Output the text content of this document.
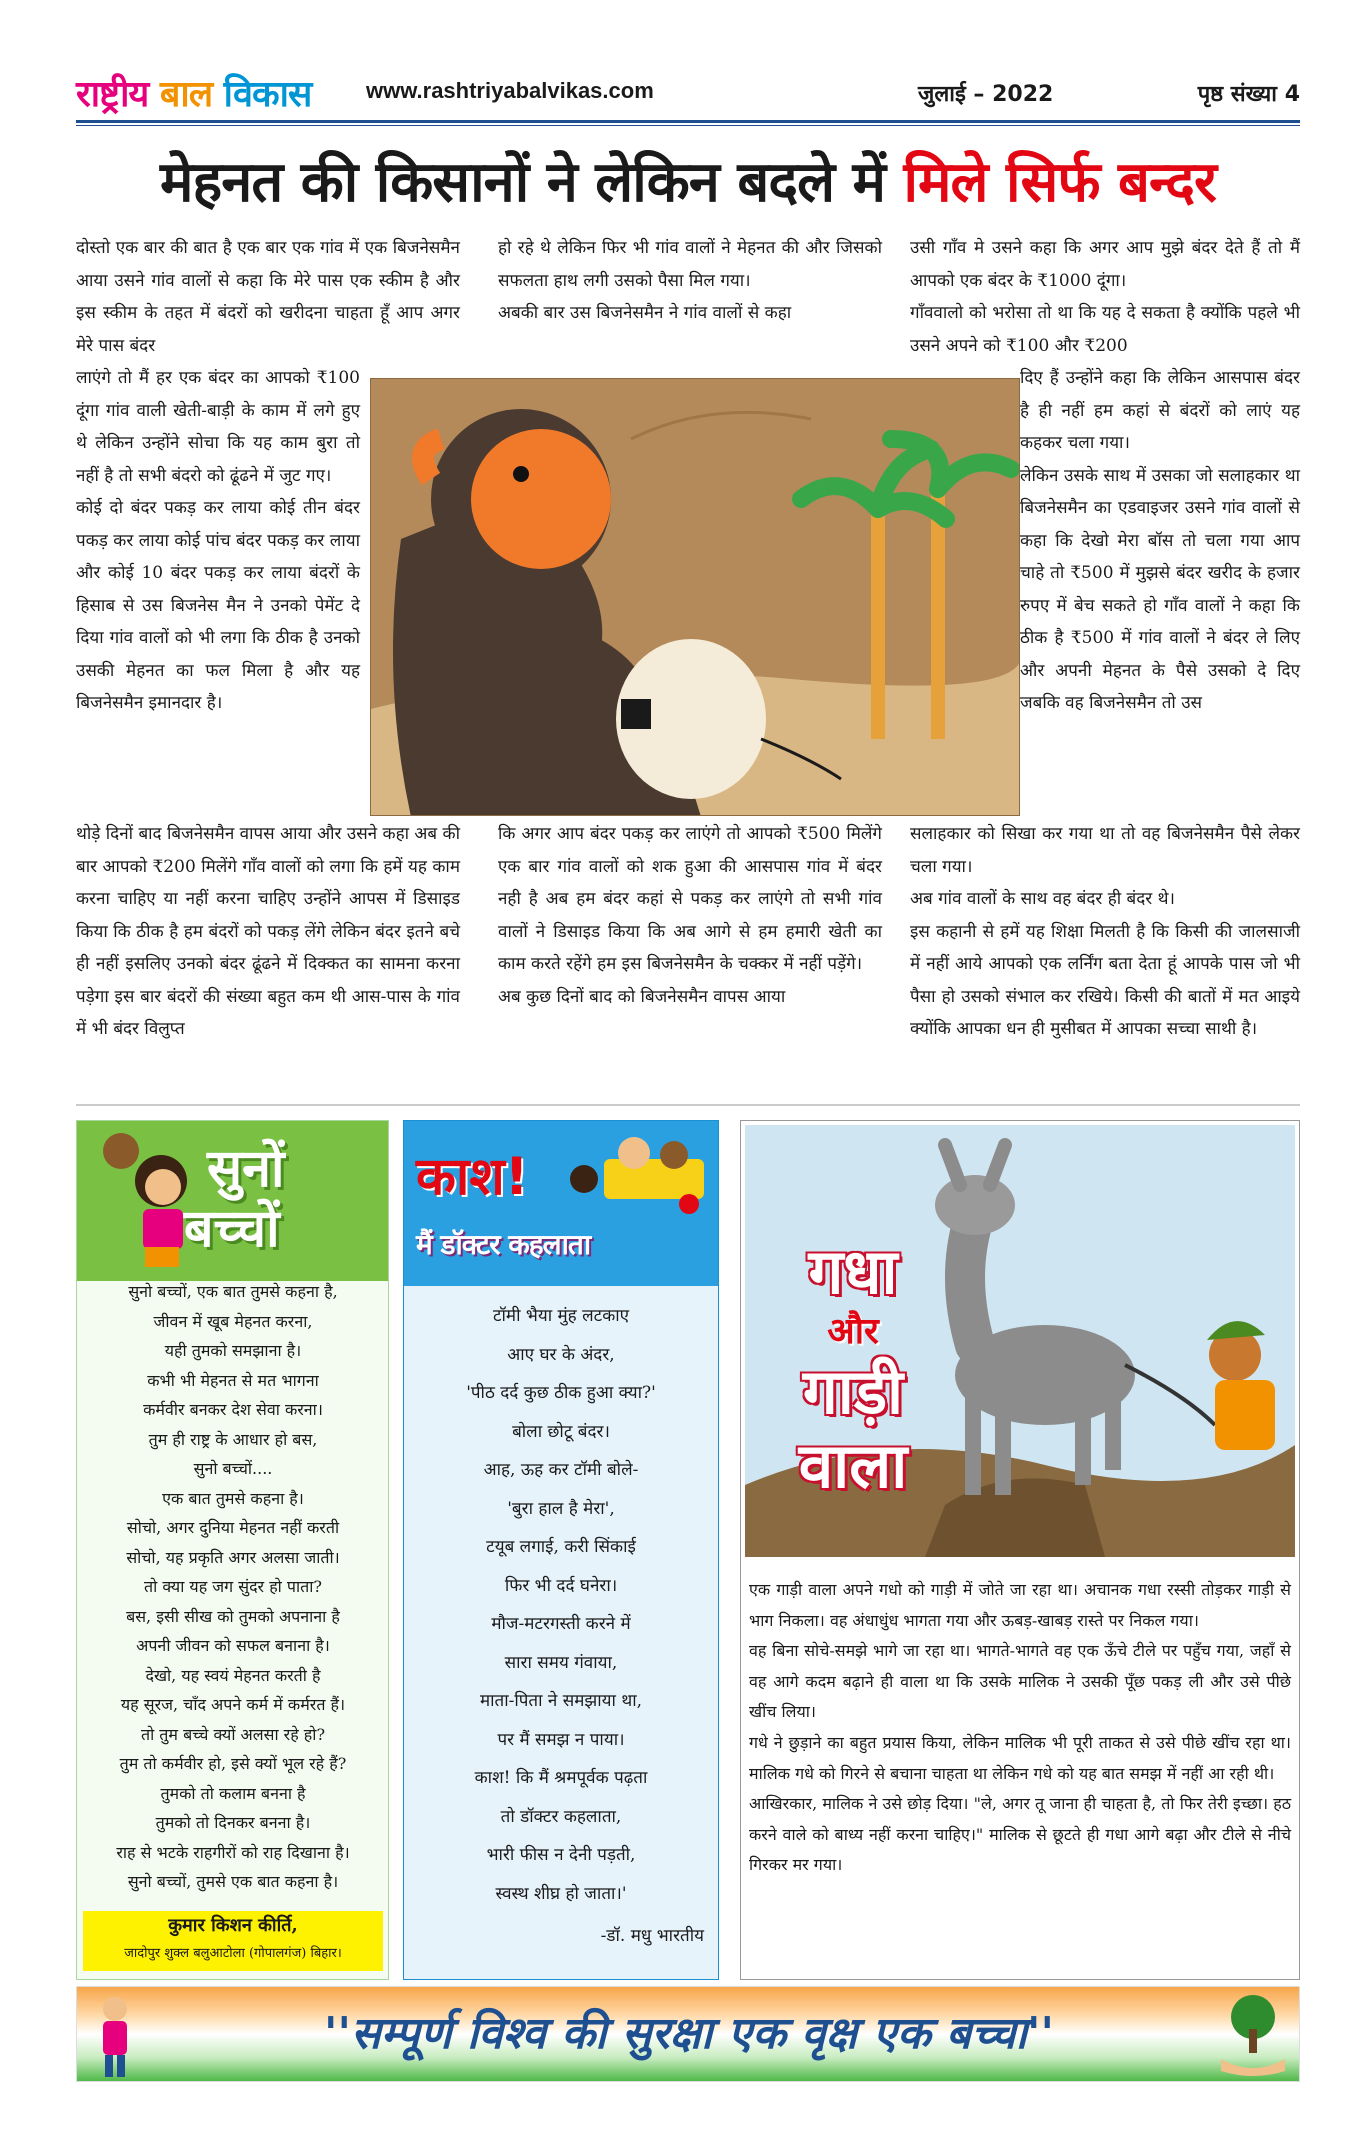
राष्ट्रीय बाल विकास www.rashtriyabalvikas.com	जुलाई – 2022	पृष्ठ संख्या 4
मेहनत की किसानों ने लेकिन बदले में मिले सिर्फ बन्दर

दोस्तो एक बार की बात है एक बार एक गांव में एक बिजनेसमैन आया उसने गांव वालों से कहा कि मेरे पास एक स्कीम है और इस स्कीम के तहत में बंदरों को खरीदना चाहता हूँ आप अगर मेरे पास बंदर

लाएंगे तो मैं हर एक बंदर का आपको ₹100 दूंगा गांव वाली खेती-बाड़ी के काम में लगे हुए थे लेकिन उन्होंने सोचा कि यह काम बुरा तो नहीं है तो सभी बंदरो को ढूंढने में जुट गए।

कोई दो बंदर पकड़ कर लाया कोई तीन बंदर पकड़ कर लाया कोई पांच बंदर पकड़ कर लाया और कोई 10 बंदर पकड़ कर लाया बंदरों के हिसाब से उस बिजनेस मैन ने उनको पेमेंट दे दिया गांव वालों को भी लगा कि ठीक है उनको उसकी मेहनत का फल मिला है और यह बिजनेसमैन इमानदार है।

थोड़े दिनों बाद बिजनेसमैन वापस आया और उसने कहा अब की बार आपको ₹200 मिलेंगे गाँव वालों को लगा कि हमें यह काम करना चाहिए या नहीं करना चाहिए उन्होंने आपस में डिसाइड किया कि ठीक है हम बंदरों को पकड़ लेंगे लेकिन बंदर इतने बचे ही नहीं इसलिए उनको बंदर ढूंढने में दिक्कत का सामना करना पड़ेगा इस बार बंदरों की संख्या बहुत कम थी आस-पास के गांव में भी बंदर विलुप्त

हो रहे थे लेकिन फिर भी गांव वालों ने मेहनत की और जिसको सफलता हाथ लगी उसको पैसा मिल गया।

अबकी बार उस बिजनेसमैन ने गांव वालों से कहा

कि अगर आप बंदर पकड़ कर लाएंगे तो आपको ₹500 मिलेंगे एक बार गांव वालों को शक हुआ की आसपास गांव में बंदर नही है अब हम बंदर कहां से पकड़ कर लाएंगे तो सभी गांव वालों ने डिसाइड किया कि अब आगे से हम हमारी खेती का काम करते रहेंगे हम इस बिजनेसमैन के चक्कर में नहीं पड़ेंगे।

अब कुछ दिनों बाद को बिजनेसमैन वापस आया

उसी गाँव मे उसने कहा कि अगर आप मुझे बंदर देते हैं तो मैं आपको एक बंदर के ₹1000 दूंगा।

गाँववालो को भरोसा तो था कि यह दे सकता है क्योंकि पहले भी उसने अपने को ₹100 और ₹200

दिए हैं उन्होंने कहा कि लेकिन आसपास बंदर है ही नहीं हम कहां से बंदरों को लाएं यह कहकर चला गया।

लेकिन उसके साथ में उसका जो सलाहकार था बिजनेसमैन का एडवाइजर उसने गांव वालों से कहा कि देखो मेरा बॉस तो चला गया आप चाहे तो ₹500 में मुझसे बंदर खरीद के हजार रुपए में बेच सकते हो गाँव वालों ने कहा कि ठीक है ₹500 में गांव वालों ने बंदर ले लिए और अपनी मेहनत के पैसे उसको दे दिए जबकि वह बिजनेसमैन तो उस

सलाहकार को सिखा कर गया था तो वह बिजनेसमैन पैसे लेकर चला गया।

अब गांव वालों के साथ वह बंदर ही बंदर थे।

इस कहानी से हमें यह शिक्षा मिलती है कि किसी की जालसाजी में नहीं आये आपको एक लर्निंग बता देता हूं आपके पास जो भी पैसा हो उसको संभाल कर रखिये। किसी की बातों में मत आइये क्योंकि आपका धन ही मुसीबत में आपका सच्चा साथी है।

सुनों
बच्चों
सुनो बच्चों, एक बात तुमसे कहना है,
जीवन में खूब मेहनत करना,
यही तुमको समझाना है।
कभी भी मेहनत से मत भागना
कर्मवीर बनकर देश सेवा करना।
तुम ही राष्ट्र के आधार हो बस,
सुनो बच्चों....
एक बात तुमसे कहना है।
सोचो, अगर दुनिया मेहनत नहीं करती
सोचो, यह प्रकृति अगर अलसा जाती।
तो क्या यह जग सुंदर हो पाता?
बस, इसी सीख को तुमको अपनाना है
अपनी जीवन को सफल बनाना है।
देखो, यह स्वयं मेहनत करती है
यह सूरज, चाँद अपने कर्म में कर्मरत हैं।
तो तुम बच्चे क्यों अलसा रहे हो?
तुम तो कर्मवीर हो, इसे क्यों भूल रहे हैं?
तुमको तो कलाम बनना है
तुमको तो दिनकर बनना है।
राह से भटके राहगीरों को राह दिखाना है।
सुनो बच्चों, तुमसे एक बात कहना है।
कुमार किशन कीर्ति,
जादोपुर शुक्ल बलुआटोला (गोपालगंज) बिहार।
काश!
मैं डॉक्टर कहलाता
टॉमी भैया मुंह लटकाए
आए घर के अंदर,
'पीठ दर्द कुछ ठीक हुआ क्या?'
बोला छोटू बंदर।
आह, ऊह कर टॉमी बोले-
'बुरा हाल है मेरा',
टयूब लगाई, करी सिंकाई
फिर भी दर्द घनेरा।
मौज-मटरगस्ती करने में
सारा समय गंवाया,
माता-पिता ने समझाया था,
पर मैं समझ न पाया।
काश! कि मैं श्रमपूर्वक पढ़ता
तो डॉक्टर कहलाता,
भारी फीस न देनी पड़ती,
स्वस्थ शीघ्र हो जाता।'
-डॉ. मधु भारतीय
गधा
और
गाड़ी
वाला

एक गाड़ी वाला अपने गधो को गाड़ी में जोते जा रहा था। अचानक गधा रस्सी तोड़कर गाड़ी से भाग निकला। वह अंधाधुंध भागता गया और ऊबड़-खाबड़ रास्ते पर निकल गया।

वह बिना सोचे-समझे भागे जा रहा था। भागते-भागते वह एक ऊँचे टीले पर पहुँच गया, जहाँ से वह आगे कदम बढ़ाने ही वाला था कि उसके मालिक ने उसकी पूँछ पकड़ ली और उसे पीछे खींच लिया।

गधे ने छुड़ाने का बहुत प्रयास किया, लेकिन मालिक भी पूरी ताकत से उसे पीछे खींच रहा था। मालिक गधे को गिरने से बचाना चाहता था लेकिन गधे को यह बात समझ में नहीं आ रही थी।

आखिरकार, मालिक ने उसे छोड़ दिया। "ले, अगर तू जाना ही चाहता है, तो फिर तेरी इच्छा। हठ करने वाले को बाध्य नहीं करना चाहिए।" मालिक से छूटते ही गधा आगे बढ़ा और टीले से नीचे गिरकर मर गया।

''सम्पूर्ण विश्व की सुरक्षा एक वृक्ष एक बच्चा''
